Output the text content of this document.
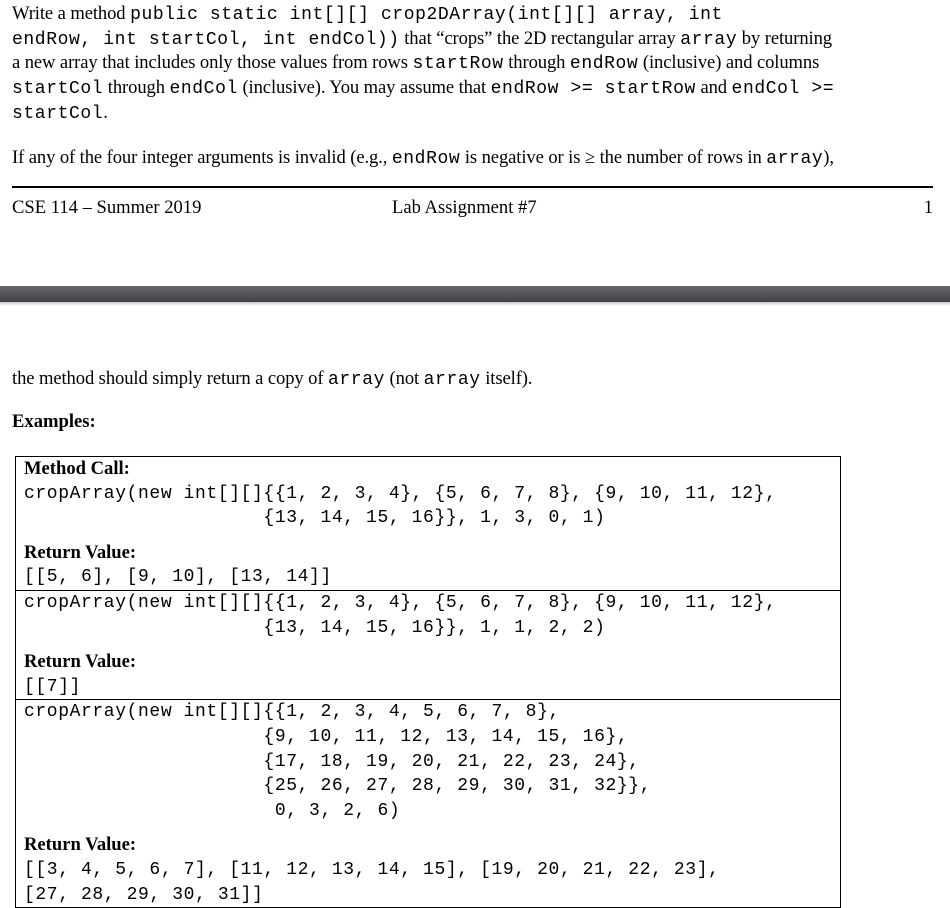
Write a method public static int[][] crop2DArray(int[][] array, int
endRow, int startCol, int endCol)) that “crops” the 2D rectangular array array by returning
a new array that includes only those values from rows startRow through endRow (inclusive) and columns
startCol through endCol (inclusive). You may assume that endRow >= startRow and endCol >=
startCol.
If any of the four integer arguments is invalid (e.g., endRow is negative or is ≥ the number of rows in array),
CSE 114 – Summer 2019	Lab Assignment #7	1
the method should simply return a copy of array (not array itself).
Examples:
Method Call:
cropArray(new int[][]{{1, 2, 3, 4}, {5, 6, 7, 8}, {9, 10, 11, 12},
{13, 14, 15, 16}}, 1, 3, 0, 1)
Return Value:
[[5, 6], [9, 10], [13, 14]]
cropArray(new int[][]{{1, 2, 3, 4}, {5, 6, 7, 8}, {9, 10, 11, 12},
{13, 14, 15, 16}}, 1, 1, 2, 2)
Return Value:
[[7]]
cropArray(new int[][]{{1, 2, 3, 4, 5, 6, 7, 8},
{9, 10, 11, 12, 13, 14, 15, 16},
{17, 18, 19, 20, 21, 22, 23, 24},
{25, 26, 27, 28, 29, 30, 31, 32}},
0, 3, 2, 6)
Return Value:
[[3, 4, 5, 6, 7], [11, 12, 13, 14, 15], [19, 20, 21, 22, 23],
[27, 28, 29, 30, 31]]
